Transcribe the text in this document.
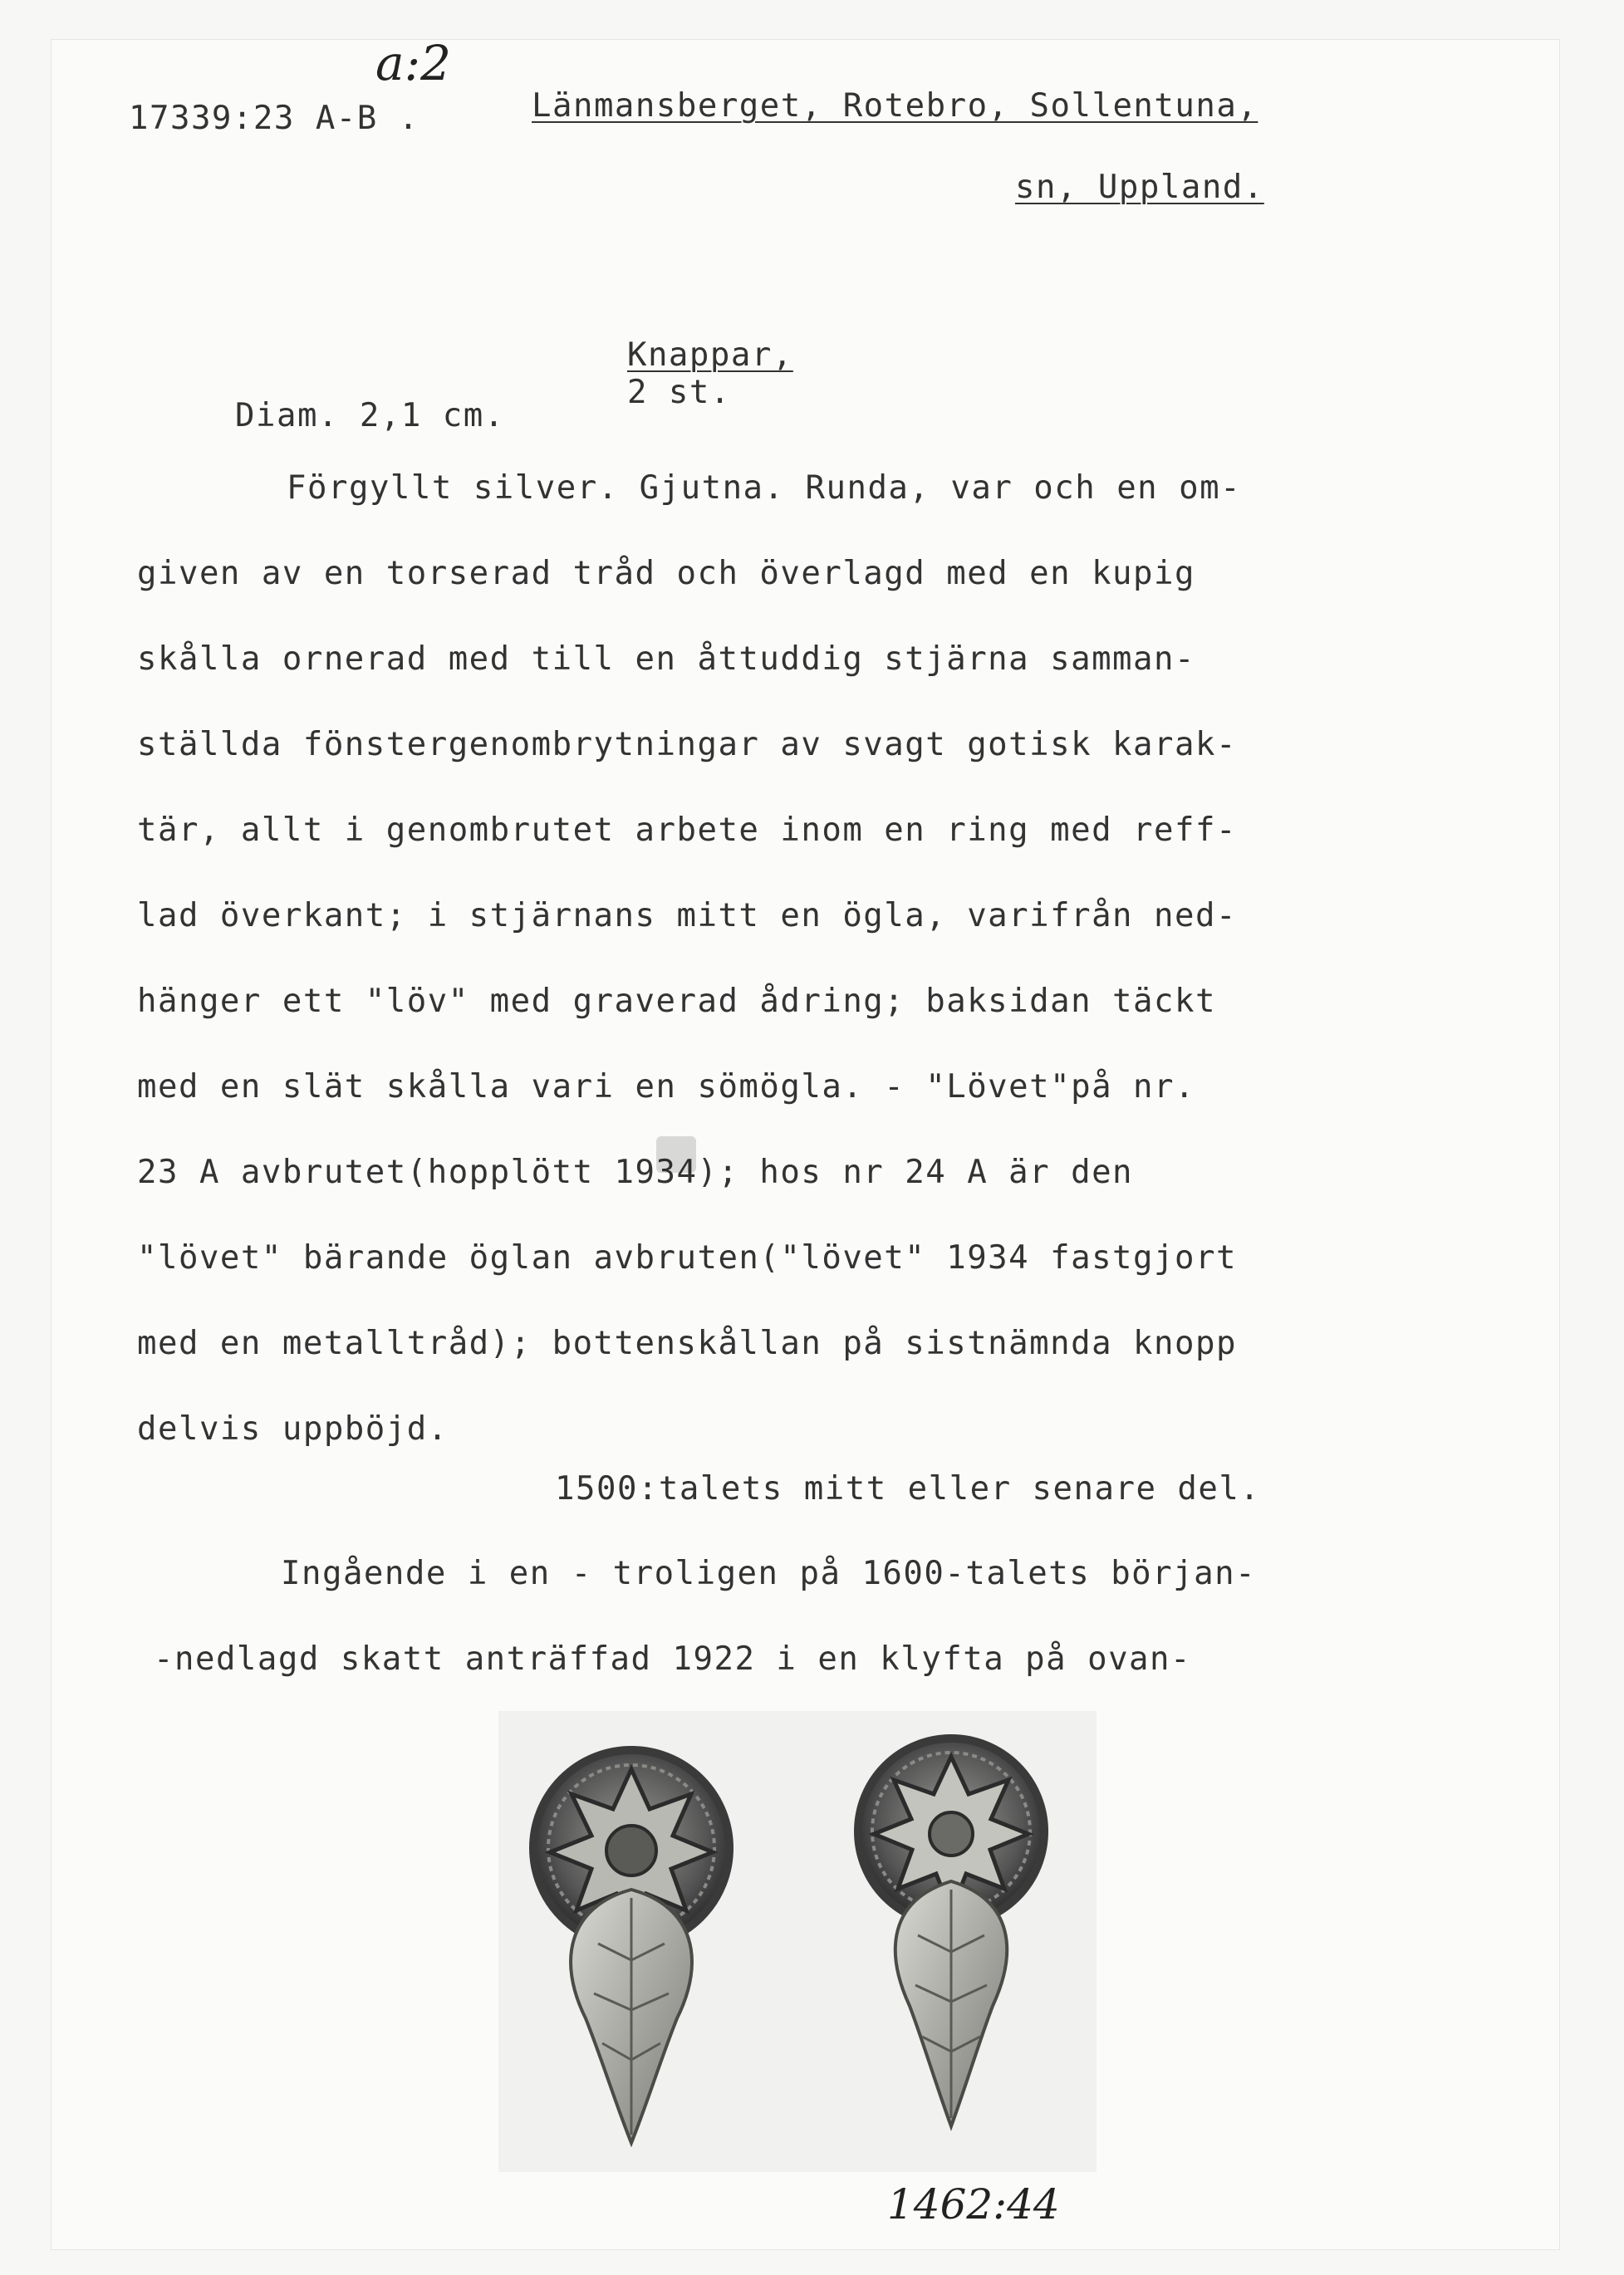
a:2
17339:23 A-B .	Länmansberget, Rotebro, Sollentuna,
sn, Uppland.

Knappar,
2 st.

Diam. 2,1 cm.
Förgyllt silver. Gjutna. Runda, var och en om-
given av en torserad tråd och överlagd med en kupig
skålla ornerad med till en åttuddig stjärna samman-
ställda fönstergenombrytningar av svagt gotisk karak-
tär, allt i genombrutet arbete inom en ring med reff-
lad överkant; i stjärnans mitt en ögla, varifrån ned-
hänger ett "löv" med graverad ådring; baksidan täckt
med en slät skålla vari en sömögla. - "Lövet"på nr.
23 A avbrutet(hopplött 1934); hos nr 24 A är den
"lövet" bärande öglan avbruten("lövet" 1934 fastgjort
med en metalltråd); bottenskållan på sistnämnda knopp
delvis uppböjd.
1500:talets mitt eller senare del.
Ingående i en - troligen på 1600-talets början-
-nedlagd skatt anträffad 1922 i en klyfta på ovan-
1462:44
